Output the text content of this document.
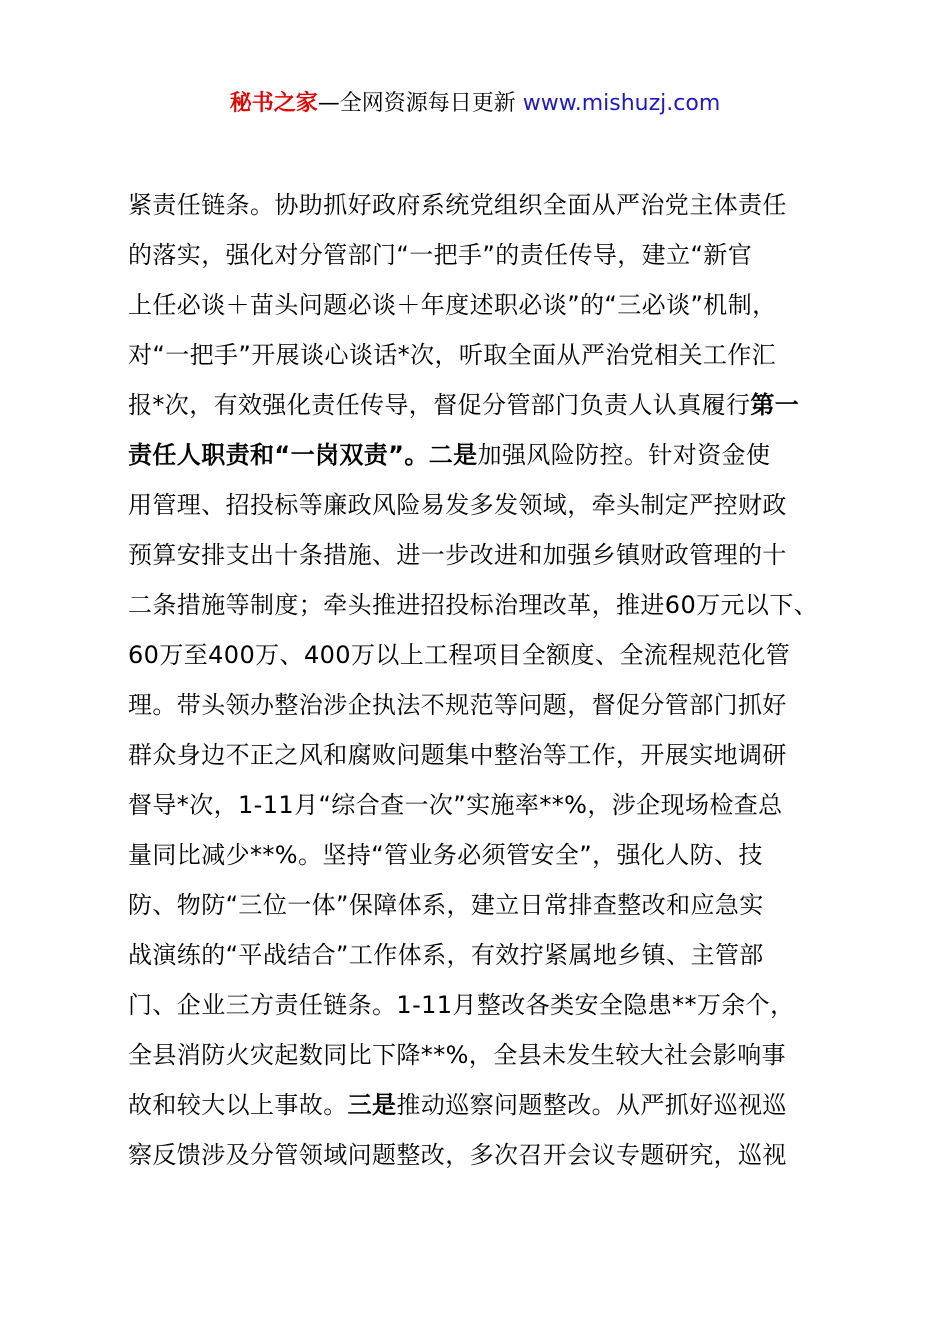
秘书之家—全网资源每日更新 www.mishuzj.com
紧责任链条。协助抓好政府系统党组织全面从严治党主体责任
的落实，强化对分管部门“一把手”的责任传导，建立“新官
上任必谈＋苗头问题必谈＋年度述职必谈”的“三必谈”机制，
对“一把手”开展谈心谈话*次，听取全面从严治党相关工作汇
报*次，有效强化责任传导，督促分管部门负责人认真履行第一
责任人职责和“一岗双责”。二是加强风险防控。针对资金使
用管理、招投标等廉政风险易发多发领域，牵头制定严控财政
预算安排支出十条措施、进一步改进和加强乡镇财政管理的十
二条措施等制度；牵头推进招投标治理改革，推进60万元以下、
60万至400万、400万以上工程项目全额度、全流程规范化管
理。带头领办整治涉企执法不规范等问题，督促分管部门抓好
群众身边不正之风和腐败问题集中整治等工作，开展实地调研
督导*次，1-11月“综合查一次”实施率**%，涉企现场检查总
量同比减少**%。坚持“管业务必须管安全”，强化人防、技
防、物防“三位一体”保障体系，建立日常排查整改和应急实
战演练的“平战结合”工作体系，有效拧紧属地乡镇、主管部
门、企业三方责任链条。1-11月整改各类安全隐患**万余个，
全县消防火灾起数同比下降**%，全县未发生较大社会影响事
故和较大以上事故。三是推动巡察问题整改。从严抓好巡视巡
察反馈涉及分管领域问题整改，多次召开会议专题研究，巡视
